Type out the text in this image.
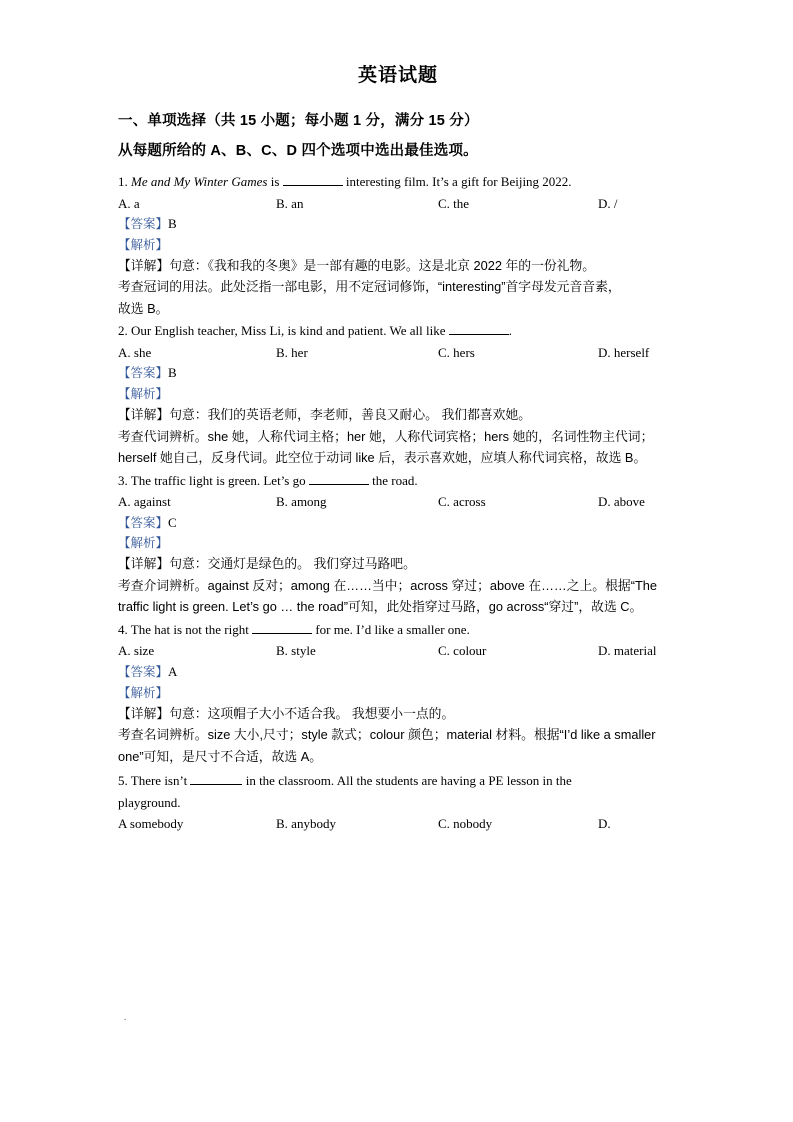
英语试题
一、单项选择（共 15 小题；每小题 1 分，满分 15 分）
从每题所给的 A、B、C、D 四个选项中选出最佳选项。

1. Me and My Winter Games is	interesting film. It’s a gift for Beijing 2022.

A. a	B. an	C. the	D. /

【答案】B

【解析】

【详解】句意：《我和我的冬奥》是一部有趣的电影。这是北京 2022 年的一份礼物。

考查冠词的用法。此处泛指一部电影，用不定冠词修饰，“interesting”首字母发元音音素，

故选 B。

2. Our English teacher, Miss Li, is kind and patient. We all like	.

A. she	B. her	C. hers	D. herself

【答案】B

【解析】

【详解】句意：我们的英语老师，李老师，善良又耐心。 我们都喜欢她。

考查代词辨析。she 她，人称代词主格；her 她，人称代词宾格；hers 她的，名词性物主代词；

herself 她自己，反身代词。此空位于动词 like 后，表示喜欢她，应填人称代词宾格，故选 B。

3. The traffic light is green. Let’s go	the road.

A. against	B. among	C. across	D. above

【答案】C

【解析】

【详解】句意：交通灯是绿色的。 我们穿过马路吧。

考查介词辨析。against 反对；among 在……当中；across 穿过；above 在……之上。根据“The

traffic light is green. Let’s go … the road”可知，此处指穿过马路，go across“穿过”，故选 C。

4. The hat is not the right	for me. I’d like a smaller one.

A. size	B. style	C. colour	D. material

【答案】A

【解析】

【详解】句意：这项帽子大小不适合我。 我想要小一点的。

考查名词辨析。size 大小,尺寸；style 款式；colour 颜色；material 材料。根据“I’d like a smaller

one”可知，是尺寸不合适，故选 A。

5. There isn’t	in the classroom. All the students are having a PE lesson in the

playground.

A somebody	B. anybody	C. nobody	D.
.
